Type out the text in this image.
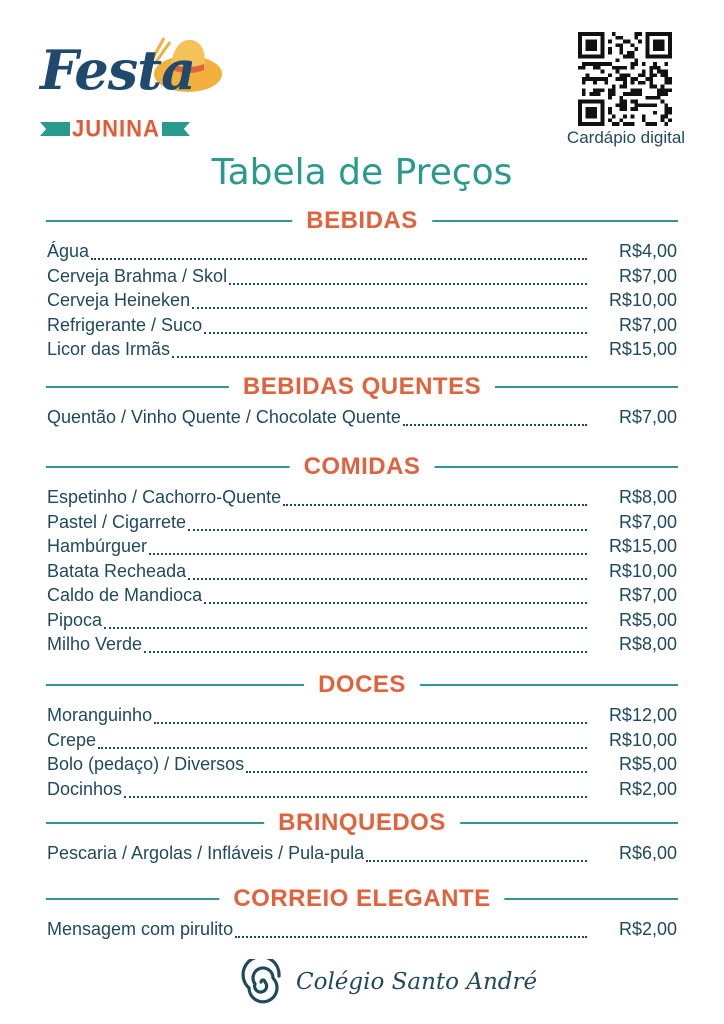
Festa
JUNINA	Cardápio digital
Tabela de Preços
BEBIDAS
Água	R$4,00
Cerveja Brahma / Skol	R$7,00
Cerveja Heineken	R$10,00
Refrigerante / Suco	R$7,00
Licor das Irmãs	R$15,00
BEBIDAS QUENTES
Quentão / Vinho Quente / Chocolate Quente	R$7,00
COMIDAS
Espetinho / Cachorro-Quente	R$8,00
Pastel / Cigarrete	R$7,00
Hambúrguer	R$15,00
Batata Recheada	R$10,00
Caldo de Mandioca	R$7,00
Pipoca	R$5,00
Milho Verde	R$8,00
DOCES
Moranguinho	R$12,00
Crepe	R$10,00
Bolo (pedaço) / Diversos	R$5,00
Docinhos	R$2,00
BRINQUEDOS
Pescaria / Argolas / Infláveis / Pula-pula	R$6,00
CORREIO ELEGANTE
Mensagem com pirulito	R$2,00
Colégio Santo André
